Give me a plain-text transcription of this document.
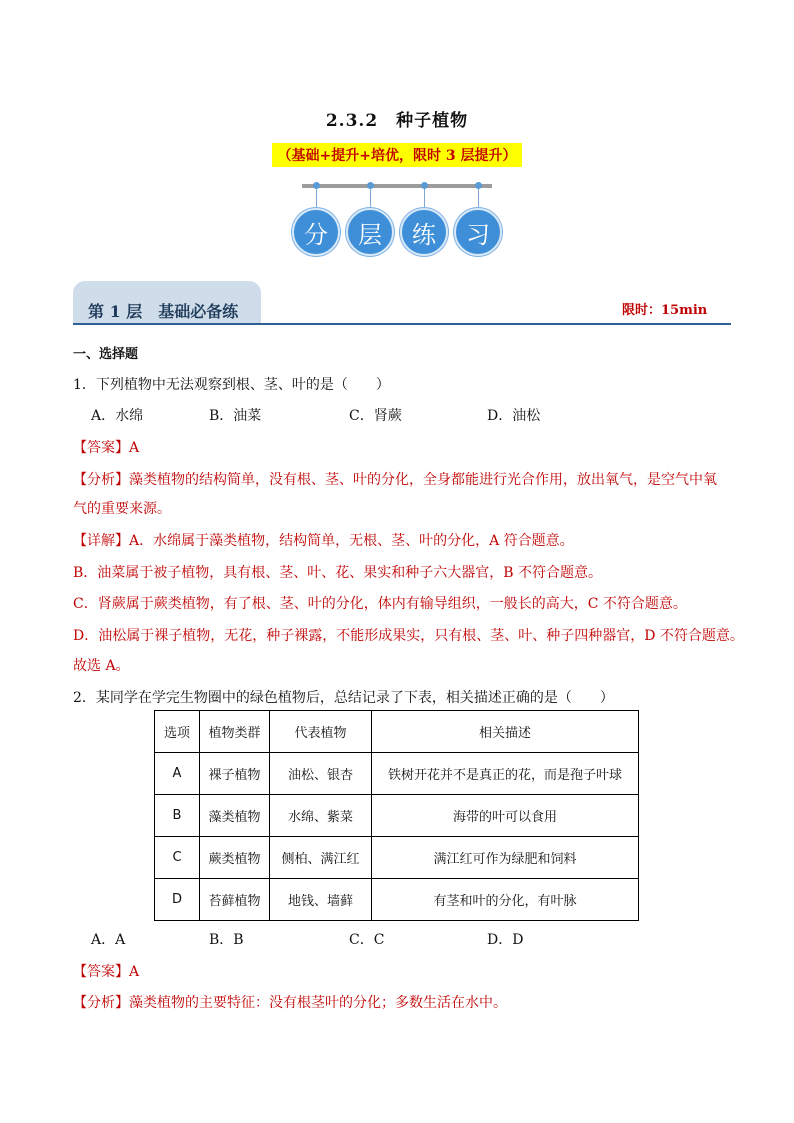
2.3.2　种子植物
（基础+提升+培优，限时 3 层提升）
分	层	练	习
第 1 层　基础必备练	限时：15min
一、选择题
1．下列植物中无法观察到根、茎、叶的是（　　）
A．水绵	B．油菜	C．肾蕨	D．油松
【答案】A
【分析】藻类植物的结构简单，没有根、茎、叶的分化，全身都能进行光合作用，放出氧气，是空气中氧
气的重要来源。
【详解】A．水绵属于藻类植物，结构简单，无根、茎、叶的分化，A 符合题意。
B．油菜属于被子植物，具有根、茎、叶、花、果实和种子六大器官，B 不符合题意。
C．肾蕨属于蕨类植物，有了根、茎、叶的分化，体内有输导组织，一般长的高大，C 不符合题意。
D．油松属于裸子植物，无花，种子裸露，不能形成果实，只有根、茎、叶、种子四种器官，D 不符合题意。
故选 A。
2．某同学在学完生物圈中的绿色植物后，总结记录了下表，相关描述正确的是（　　）
选项	植物类群	代表植物	相关描述
A	裸子植物	油松、银杏	铁树开花并不是真正的花，而是孢子叶球
B	藻类植物	水绵、紫菜	海带的叶可以食用
C	蕨类植物	侧柏、满江红	满江红可作为绿肥和饲料
D	苔藓植物	地钱、墙藓	有茎和叶的分化，有叶脉
A．A	B．B	C．C	D．D
【答案】A
【分析】藻类植物的主要特征：没有根茎叶的分化；多数生活在水中。
